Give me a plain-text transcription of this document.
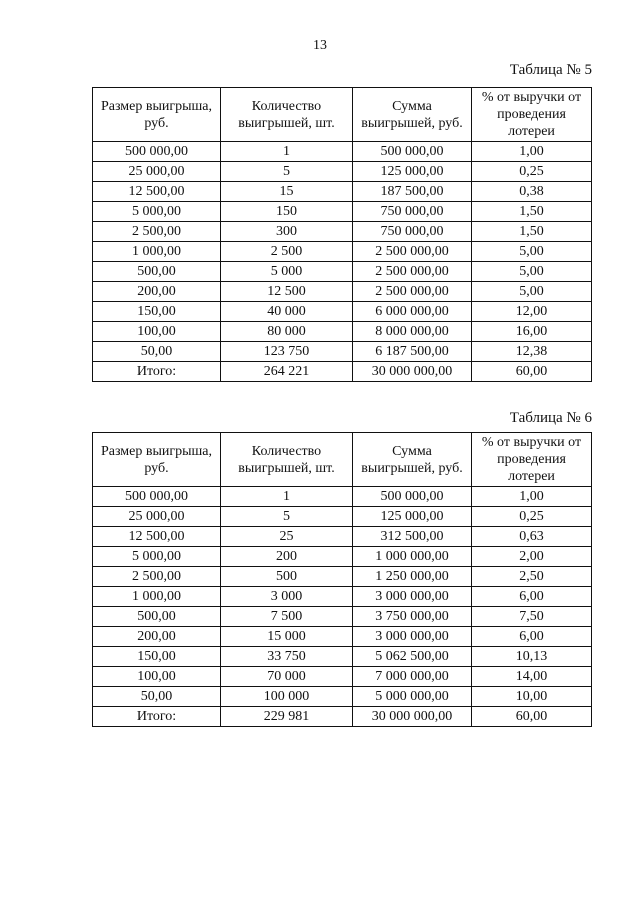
13
Таблица № 5
Размер выигрыша, руб.	Количество выигрышей, шт.	Сумма выигрышей, руб.	% от выручки от проведения лотереи
500 000,00	1	500 000,00	1,00
25 000,00	5	125 000,00	0,25
12 500,00	15	187 500,00	0,38
5 000,00	150	750 000,00	1,50
2 500,00	300	750 000,00	1,50
1 000,00	2 500	2 500 000,00	5,00
500,00	5 000	2 500 000,00	5,00
200,00	12 500	2 500 000,00	5,00
150,00	40 000	6 000 000,00	12,00
100,00	80 000	8 000 000,00	16,00
50,00	123 750	6 187 500,00	12,38
Итого:	264 221	30 000 000,00	60,00
Таблица № 6
Размер выигрыша, руб.	Количество выигрышей, шт.	Сумма выигрышей, руб.	% от выручки от проведения лотереи
500 000,00	1	500 000,00	1,00
25 000,00	5	125 000,00	0,25
12 500,00	25	312 500,00	0,63
5 000,00	200	1 000 000,00	2,00
2 500,00	500	1 250 000,00	2,50
1 000,00	3 000	3 000 000,00	6,00
500,00	7 500	3 750 000,00	7,50
200,00	15 000	3 000 000,00	6,00
150,00	33 750	5 062 500,00	10,13
100,00	70 000	7 000 000,00	14,00
50,00	100 000	5 000 000,00	10,00
Итого:	229 981	30 000 000,00	60,00
